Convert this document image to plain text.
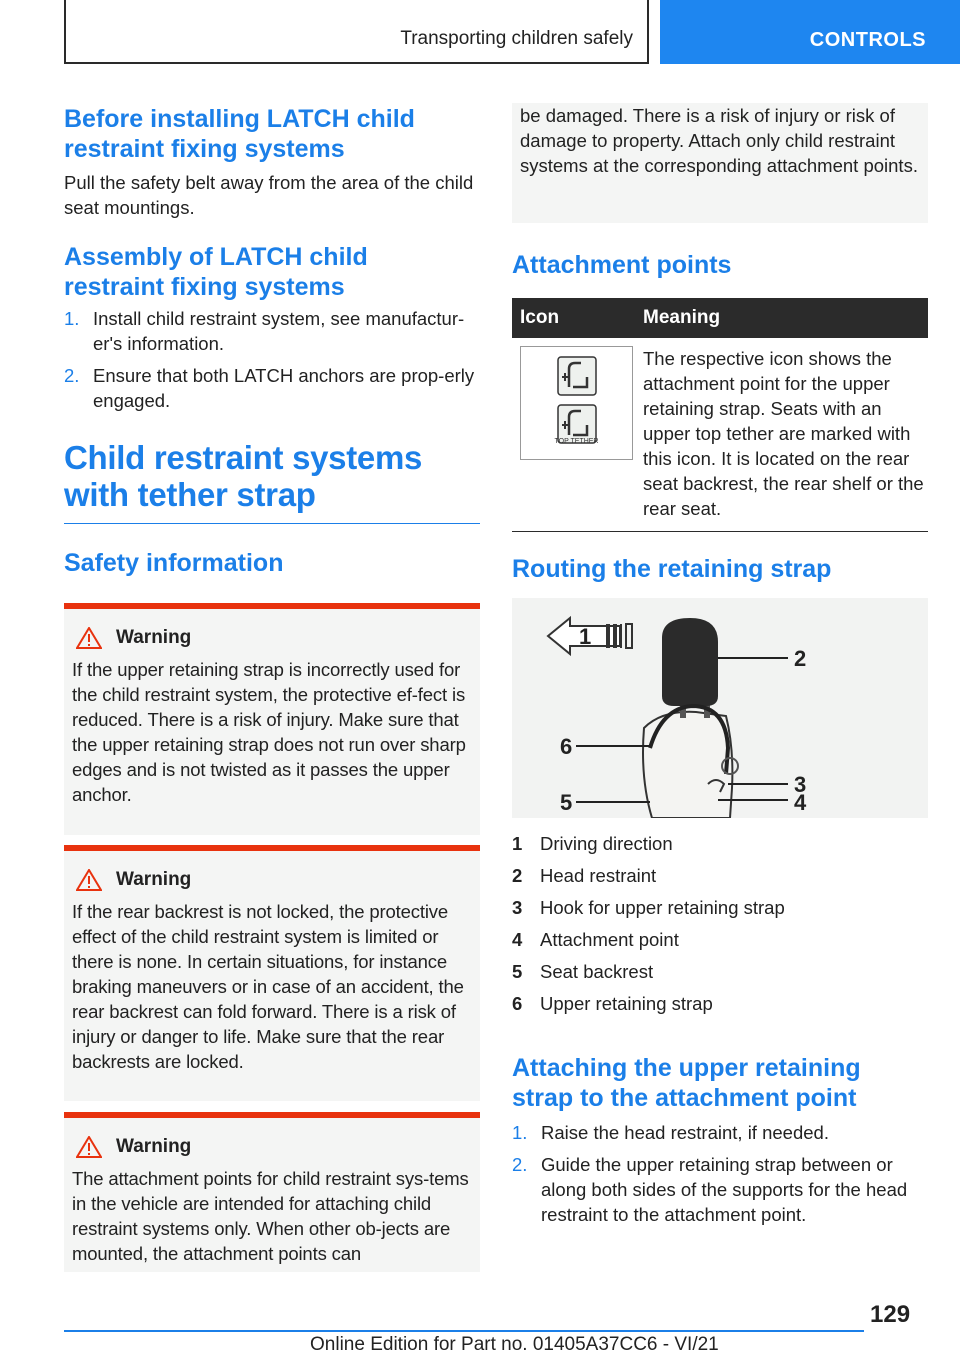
Transporting children safely	CONTROLS
Before installing LATCH child restraint fixing systems

Pull the safety belt away from the area of the child seat mountings.

Assembly of LATCH child restraint fixing systems
1. Install child restraint system, see manufactur-er's information.
2. Ensure that both LATCH anchors are prop-erly engaged.
Child restraint systems with tether strap
Safety information
Warning

If the upper retaining strap is incorrectly used for the child restraint system, the protective ef-fect is reduced. There is a risk of injury. Make sure that the upper retaining strap does not run over sharp edges and is not twisted as it passes the upper anchor.

Warning

If the rear backrest is not locked, the protective effect of the child restraint system is limited or there is none. In certain situations, for instance braking maneuvers or in case of an accident, the rear backrest can fold forward. There is a risk of injury or danger to life. Make sure that the rear backrests are locked.

Warning

The attachment points for child restraint sys-tems in the vehicle are intended for attaching child restraint systems only. When other ob-jects are mounted, the attachment points can

be damaged. There is a risk of injury or risk of damage to property. Attach only child restraint systems at the corresponding attachment points.

Attachment points
Icon	Meaning

TOP TETHER	The respective icon shows the attachment point for the upper retaining strap. Seats with an upper top tether are marked with this icon. It is located on the rear seat backrest, the rear shelf or the rear seat.
Routing the retaining strap
1
2
3
4
5
6
1	Driving direction
2	Head restraint
3	Hook for upper retaining strap
4	Attachment point
5	Seat backrest
6	Upper retaining strap
Attaching the upper retaining strap to the attachment point
1. Raise the head restraint, if needed.
2. Guide the upper retaining strap between or along both sides of the supports for the head restraint to the attachment point.
129
Online Edition for Part no. 01405A37CC6 - VI/21
